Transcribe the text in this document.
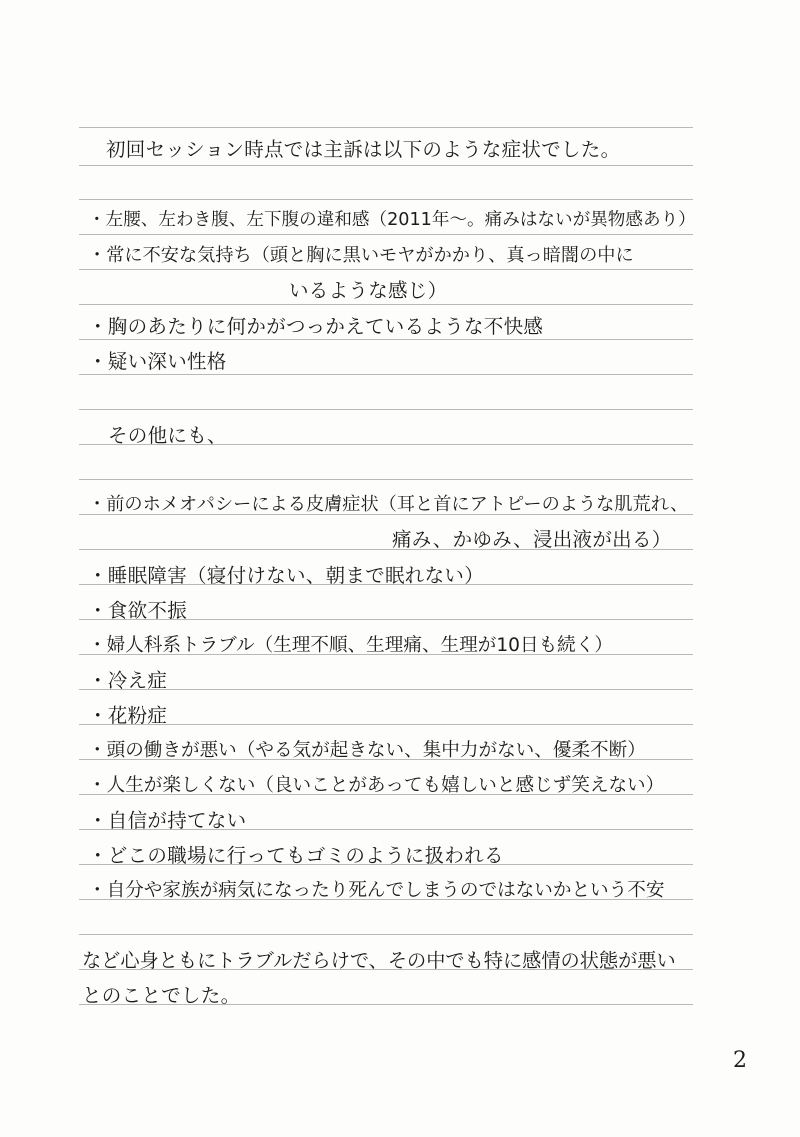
初回セッション時点では主訴は以下のような症状でした。
・左腰、左わき腹、左下腹の違和感（2011年〜。痛みはないが異物感あり）
・常に不安な気持ち（頭と胸に黒いモヤがかかり、真っ暗闇の中に
いるような感じ）
・胸のあたりに何かがつっかえているような不快感
・疑い深い性格
その他にも、
・前のホメオパシーによる皮膚症状（耳と首にアトピーのような肌荒れ、
痛み、かゆみ、浸出液が出る）
・睡眠障害（寝付けない、朝まで眠れない）
・食欲不振
・婦人科系トラブル（生理不順、生理痛、生理が10日も続く）
・冷え症
・花粉症
・頭の働きが悪い（やる気が起きない、集中力がない、優柔不断）
・人生が楽しくない（良いことがあっても嬉しいと感じず笑えない）
・自信が持てない
・どこの職場に行ってもゴミのように扱われる
・自分や家族が病気になったり死んでしまうのではないかという不安
など心身ともにトラブルだらけで、その中でも特に感情の状態が悪い
とのことでした。
2
